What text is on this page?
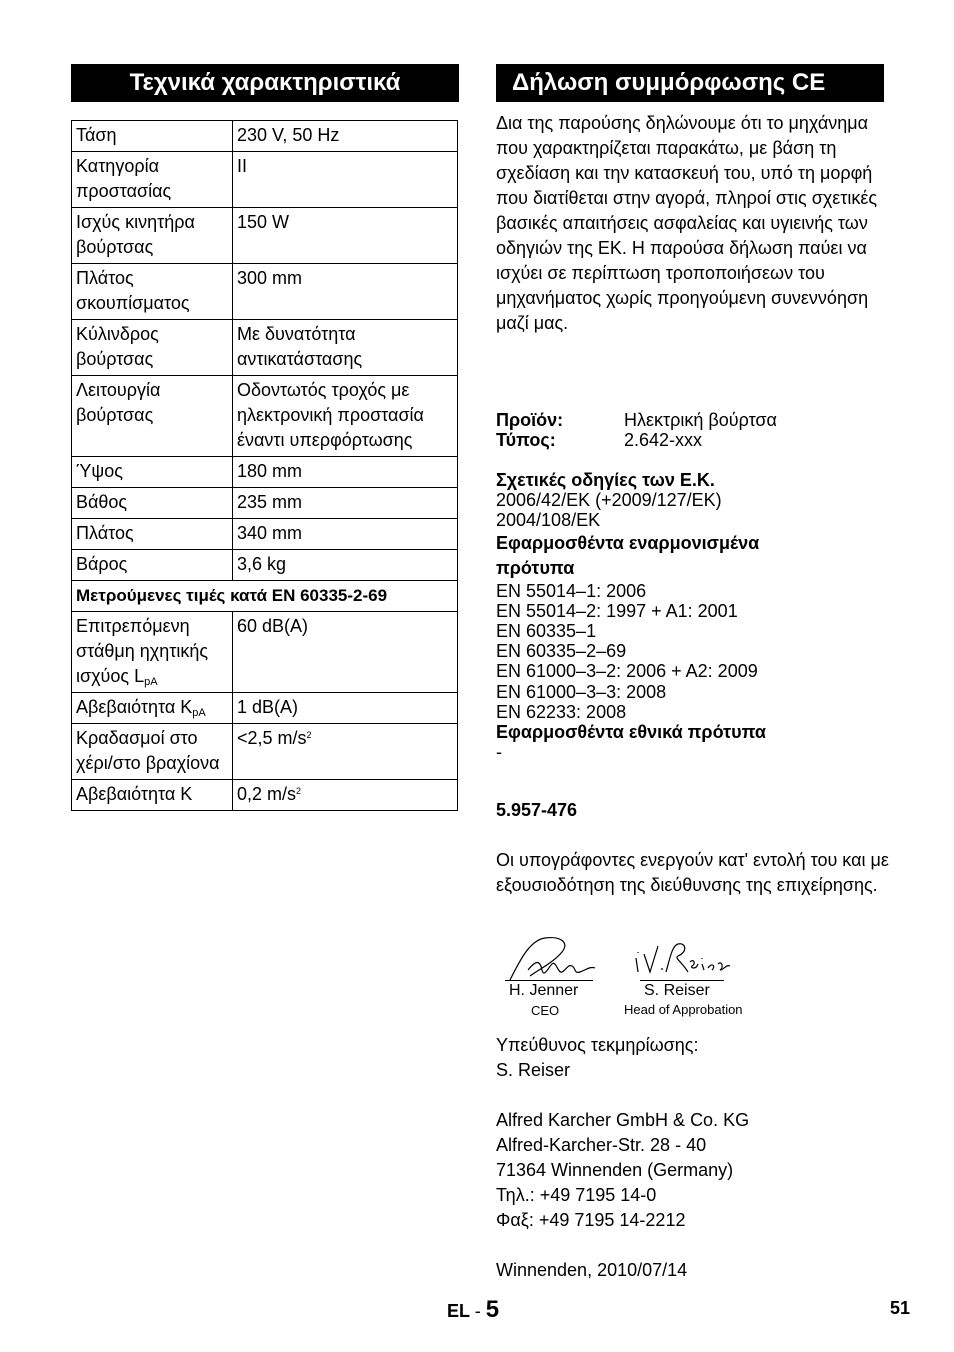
Τεχνικά χαρακτηριστικά
Τάση	230 V, 50 Hz
Κατηγορία προστασίας	II
Ισχύς κινητήρα βούρτσας	150 W
Πλάτος σκουπίσματος	300 mm
Κύλινδρος βούρτσας	Με δυνατότητα αντικατάστασης
Λειτουργία βούρτσας	Οδοντωτός τροχός με ηλεκτρονική προστασία έναντι υπερφόρτωσης
Ύψος	180 mm
Βάθος	235 mm
Πλάτος	340 mm
Βάρος	3,6 kg
Μετρούμενες τιμές κατά EN 60335-2-69	
Επιτρεπόμενη στάθμη ηχητικής ισχύος $L_{pA}$	60 dB(A)
Αβεβαιότητα $K_{pA}$	1 dB(A)
Κραδασμοί στο χέρι/στο βραχίονα	<2,5 $m/s^2$
Αβεβαιότητα K	0,2 $m/s^2$
Δήλωση συμμόρφωσης CE
Δια της παρούσης δηλώνουμε ότι το μηχάνημα που χαρακτηρίζεται παρακάτω, με βάση τη σχεδίαση και την κατασκευή του, υπό τη μορφή που διατίθεται στην αγορά, πληροί στις σχετικές βασικές απαιτήσεις ασφαλείας και υγιεινής των οδηγιών της ΕΚ. Η παρούσα δήλωση παύει να ισχύει σε περίπτωση τροποποιήσεων του μηχανήματος χωρίς προηγούμενη συνεννόηση μαζί μας.
Προϊόν:	Ηλεκτρική βούρτσα
Τύπος:	2.642-xxx
Σχετικές οδηγίες των Ε.Κ.
2006/42/EK (+2009/127/EK)
2004/108/EK
Εφαρμοσθέντα εναρμονισμένα πρότυπα
EN 55014–1: 2006
EN 55014–2: 1997 + A1: 2001
EN 60335–1
EN 60335–2–69
EN 61000–3–2: 2006 + A2: 2009
EN 61000–3–3: 2008
EN 62233: 2008
Εφαρμοσθέντα εθνικά πρότυπα
-
5.957-476
Οι υπογράφοντες ενεργούν κατ' εντολή του και με εξουσιοδότηση της διεύθυνσης της επιχείρησης.
H. Jenner
CEO
S. Reiser
Head of Approbation
Υπεύθυνος τεκμηρίωσης:
S. Reiser
Alfred Karcher GmbH & Co. KG
Alfred-Karcher-Str. 28 - 40
71364 Winnenden (Germany)
Τηλ.: +49 7195 14-0
Φαξ: +49 7195 14-2212
Winnenden, 2010/07/14
EL - 5	51
